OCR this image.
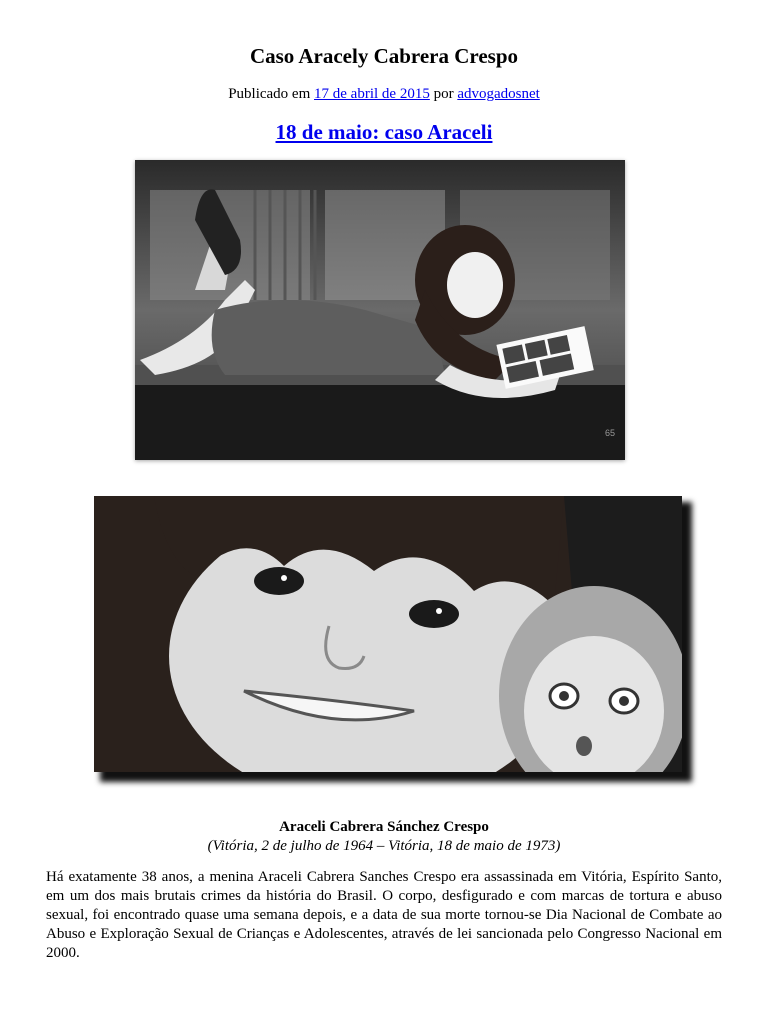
Caso Aracely Cabrera Crespo
Publicado em 17 de abril de 2015 por advogadosnet
18 de maio: caso Araceli
65
Araceli Cabrera Sánchez Crespo
(Vitória, 2 de julho de 1964 – Vitória, 18 de maio de 1973)

Há exatamente 38 anos, a menina Araceli Cabrera Sanches Crespo era assassinada em Vitória, Espírito Santo, em um dos mais brutais crimes da história do Brasil. O corpo, desfigurado e com marcas de tortura e abuso sexual, foi encontrado quase uma semana depois, e a data de sua morte tornou-se Dia Nacional de Combate ao Abuso e Exploração Sexual de Crianças e Adolescentes, através de lei sancionada pelo Congresso Nacional em 2000.
